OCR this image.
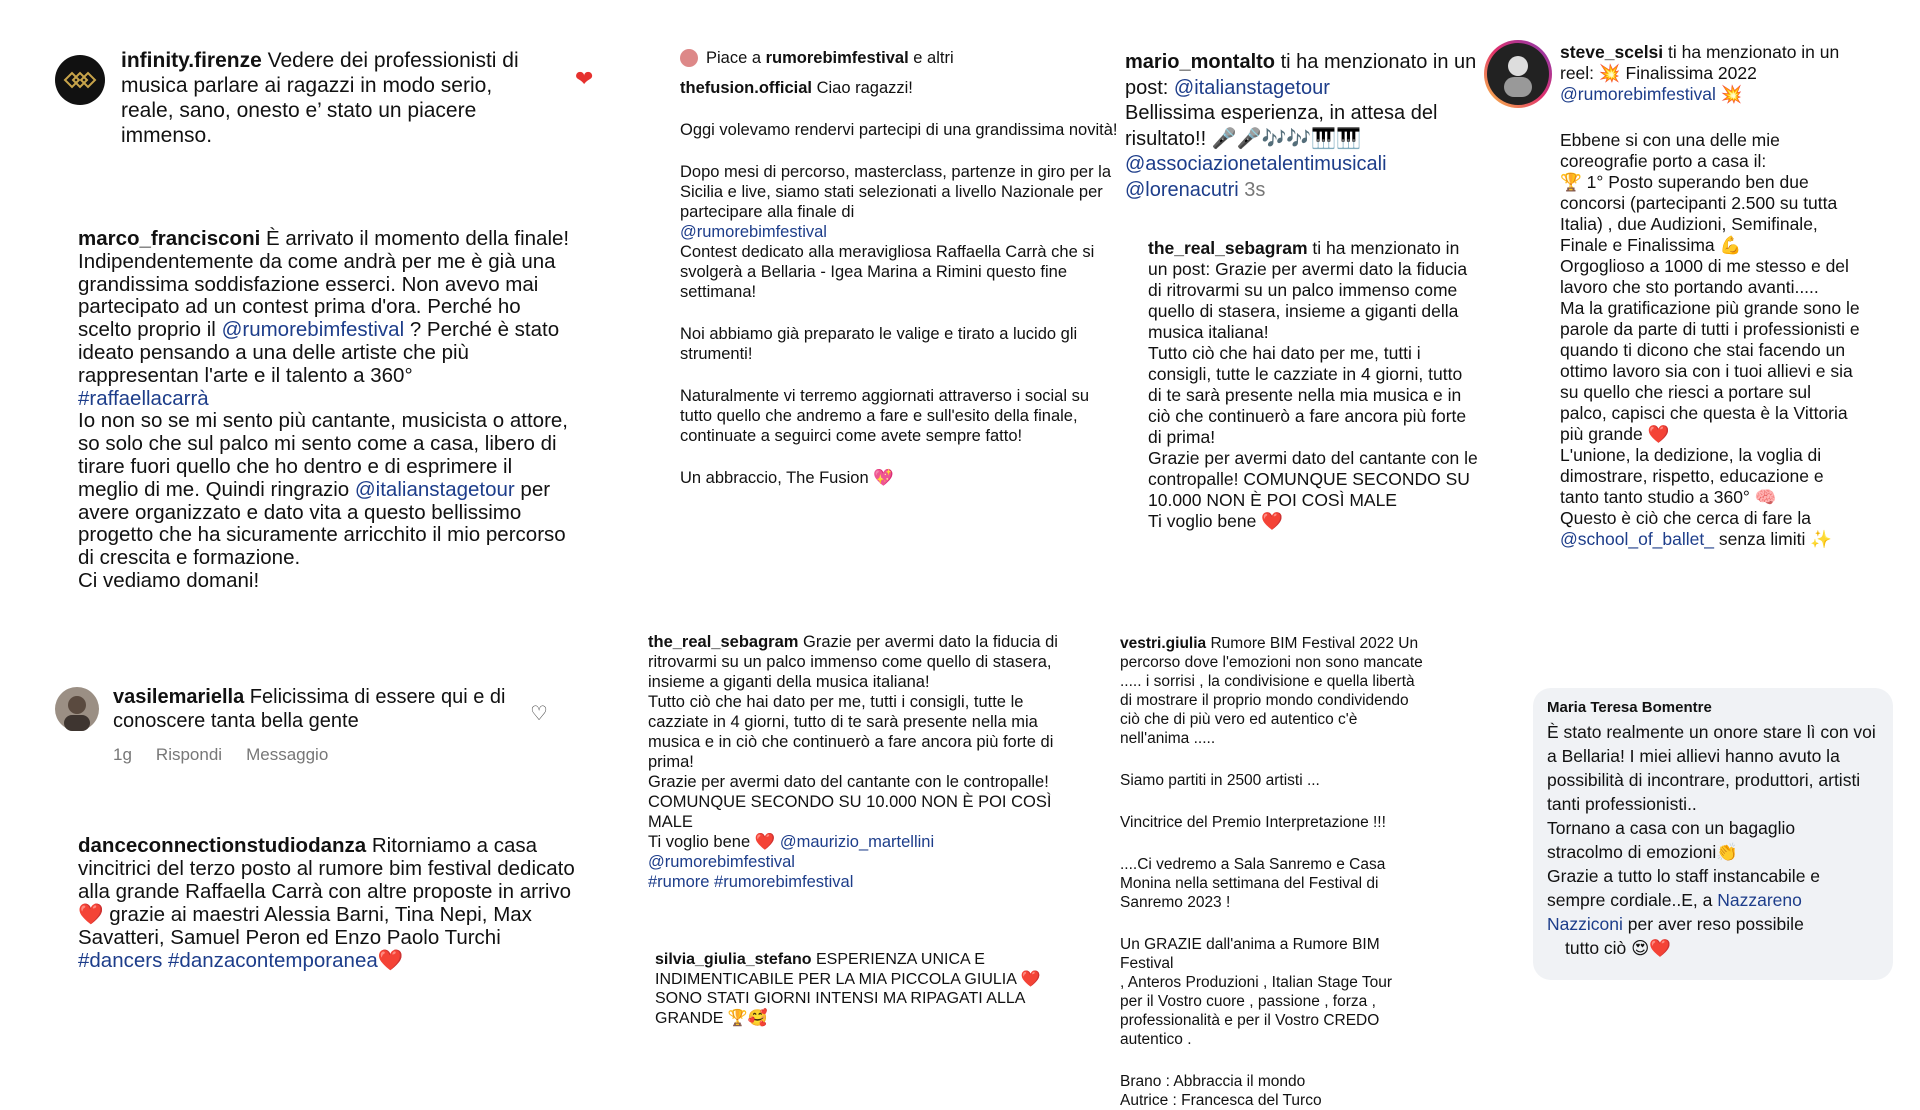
infinity.firenze Vedere dei professionisti di musica parlare ai ragazzi in modo serio, reale, sano, onesto e’ stato un piacere immenso.
❤
marco_francisconi È arrivato il momento della finale! Indipendentemente da come andrà per me è già una grandissima soddisfazione esserci. Non avevo mai partecipato ad un contest prima d'ora. Perché ho scelto proprio il @rumorebimfestival ? Perché è stato ideato pensando a una delle artiste che più rappresentan l'arte e il talento a 360°
#raffaellacarrà
Io non so se mi sento più cantante, musicista o attore, so solo che sul palco mi sento come a casa, libero di tirare fuori quello che ho dentro e di esprimere il meglio di me. Quindi ringrazio @italianstagetour per avere organizzato e dato vita a questo bellissimo progetto che ha sicuramente arricchito il mio percorso di crescita e formazione.
Ci vediamo domani!
vasilemariella Felicissima di essere qui e di conoscere tanta bella gente
1g Rispondi Messaggio
♡
danceconnectionstudiodanza Ritorniamo a casa vincitrici del terzo posto al rumore bim festival dedicato alla grande Raffaella Carrà con altre proposte in arrivo ❤️ grazie ai maestri Alessia Barni, Tina Nepi, Max Savatteri, Samuel Peron ed Enzo Paolo Turchi #dancers #danzacontemporanea❤️
Piace a rumorebimfestival e altri
thefusion.official Ciao ragazzi!
Oggi volevamo rendervi partecipi di una grandissima novità!
Dopo mesi di percorso, masterclass, partenze in giro per la Sicilia e live, siamo stati selezionati a livello Nazionale per partecipare alla finale di
@rumorebimfestival
Contest dedicato alla meravigliosa Raffaella Carrà che si svolgerà a Bellaria - Igea Marina a Rimini questo fine settimana!
Noi abbiamo già preparato le valige e tirato a lucido gli strumenti!
Naturalmente vi terremo aggiornati attraverso i social su tutto quello che andremo a fare e sull'esito della finale, continuate a seguirci come avete sempre fatto!
Un abbraccio, The Fusion 💖
the_real_sebagram Grazie per avermi dato la fiducia di ritrovarmi su un palco immenso come quello di stasera, insieme a giganti della musica italiana!
Tutto ciò che hai dato per me, tutti i consigli, tutte le cazziate in 4 giorni, tutto di te sarà presente nella mia musica e in ciò che continuerò a fare ancora più forte di prima!
Grazie per avermi dato del cantante con le contropalle! COMUNQUE SECONDO SU 10.000 NON È POI COSÌ MALE
Ti voglio bene ❤️ @maurizio_martellini
@rumorebimfestival
#rumore #rumorebimfestival
silvia_giulia_stefano ESPERIENZA UNICA E INDIMENTICABILE PER LA MIA PICCOLA GIULIA ❤️ SONO STATI GIORNI INTENSI MA RIPAGATI ALLA GRANDE 🏆🥰
mario_montalto ti ha menzionato in un post: @italianstagetour
Bellissima esperienza, in attesa del risultato!! 🎤🎤🎶🎶🎹🎹
@associazionetalentimusicali
@lorenacutri 3s
the_real_sebagram ti ha menzionato in un post: Grazie per avermi dato la fiducia di ritrovarmi su un palco immenso come quello di stasera, insieme a giganti della musica italiana!
Tutto ciò che hai dato per me, tutti i consigli, tutte le cazziate in 4 giorni, tutto di te sarà presente nella mia musica e in ciò che continuerò a fare ancora più forte di prima!
Grazie per avermi dato del cantante con le contropalle! COMUNQUE SECONDO SU 10.000 NON È POI COSÌ MALE
Ti voglio bene ❤️
vestri.giulia Rumore BIM Festival 2022 Un percorso dove l'emozioni non sono mancate ..... i sorrisi , la condivisione e quella libertà di mostrare il proprio mondo condividendo ciò che di più vero ed autentico c'è nell'anima .....
Siamo partiti in 2500 artisti ...
Vincitrice del Premio Interpretazione !!!
....Ci vedremo a Sala Sanremo e Casa Monina nella settimana del Festival di Sanremo 2023 !
Un GRAZIE dall'anima a Rumore BIM Festival
, Anteros Produzioni , Italian Stage Tour
per il Vostro cuore , passione , forza , professionalità e per il Vostro CREDO autentico .
Brano : Abbraccia il mondo
Autrice : Francesca del Turco
steve_scelsi ti ha menzionato in un reel: 💥 Finalissima 2022
@rumorebimfestival 💥
Ebbene si con una delle mie coreografie porto a casa il:
🏆 1° Posto superando ben due concorsi (partecipanti 2.500 su tutta Italia) , due Audizioni, Semifinale, Finale e Finalissima 💪
Orgoglioso a 1000 di me stesso e del lavoro che sto portando avanti.....
Ma la gratificazione più grande sono le parole da parte di tutti i professionisti e quando ti dicono che stai facendo un ottimo lavoro sia con i tuoi allievi e sia su quello che riesci a portare sul palco, capisci che questa è la Vittoria più grande ❤️
L'unione, la dedizione, la voglia di dimostrare, rispetto, educazione e tanto tanto studio a 360° 🧠
Questo è ciò che cerca di fare la
@school_of_ballet_ senza limiti ✨
Maria Teresa Bomentre
È stato realmente un onore stare lì con voi a Bellaria! I miei allievi hanno avuto la possibilità di incontrare, produttori, artisti tanti professionisti..
Tornano a casa con un bagaglio
stracolmo di emozioni👏
Grazie a tutto lo staff instancabile e sempre cordiale..E, a Nazzareno Nazziconi per aver reso possibile
tutto ciò 😍❤️
